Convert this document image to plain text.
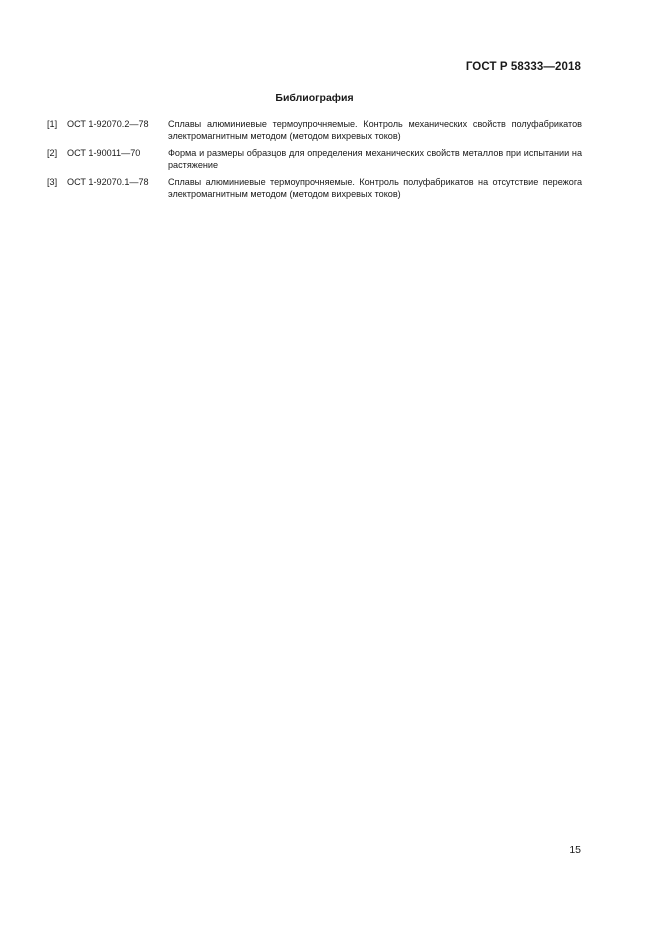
ГОСТ Р 58333—2018
Библиография
[1]	ОСТ 1-92070.2—78	Сплавы алюминиевые термоупрочняемые. Контроль механических свойств полуфабрикатов электромагнитным методом (методом вихревых токов)
[2]	ОСТ 1-90011—70	Форма и размеры образцов для определения механических свойств металлов при испытании на растяжение
[3]	ОСТ 1-92070.1—78	Сплавы алюминиевые термоупрочняемые. Контроль полуфабрикатов на отсутствие пережога электромагнитным методом (методом вихревых токов)
15
